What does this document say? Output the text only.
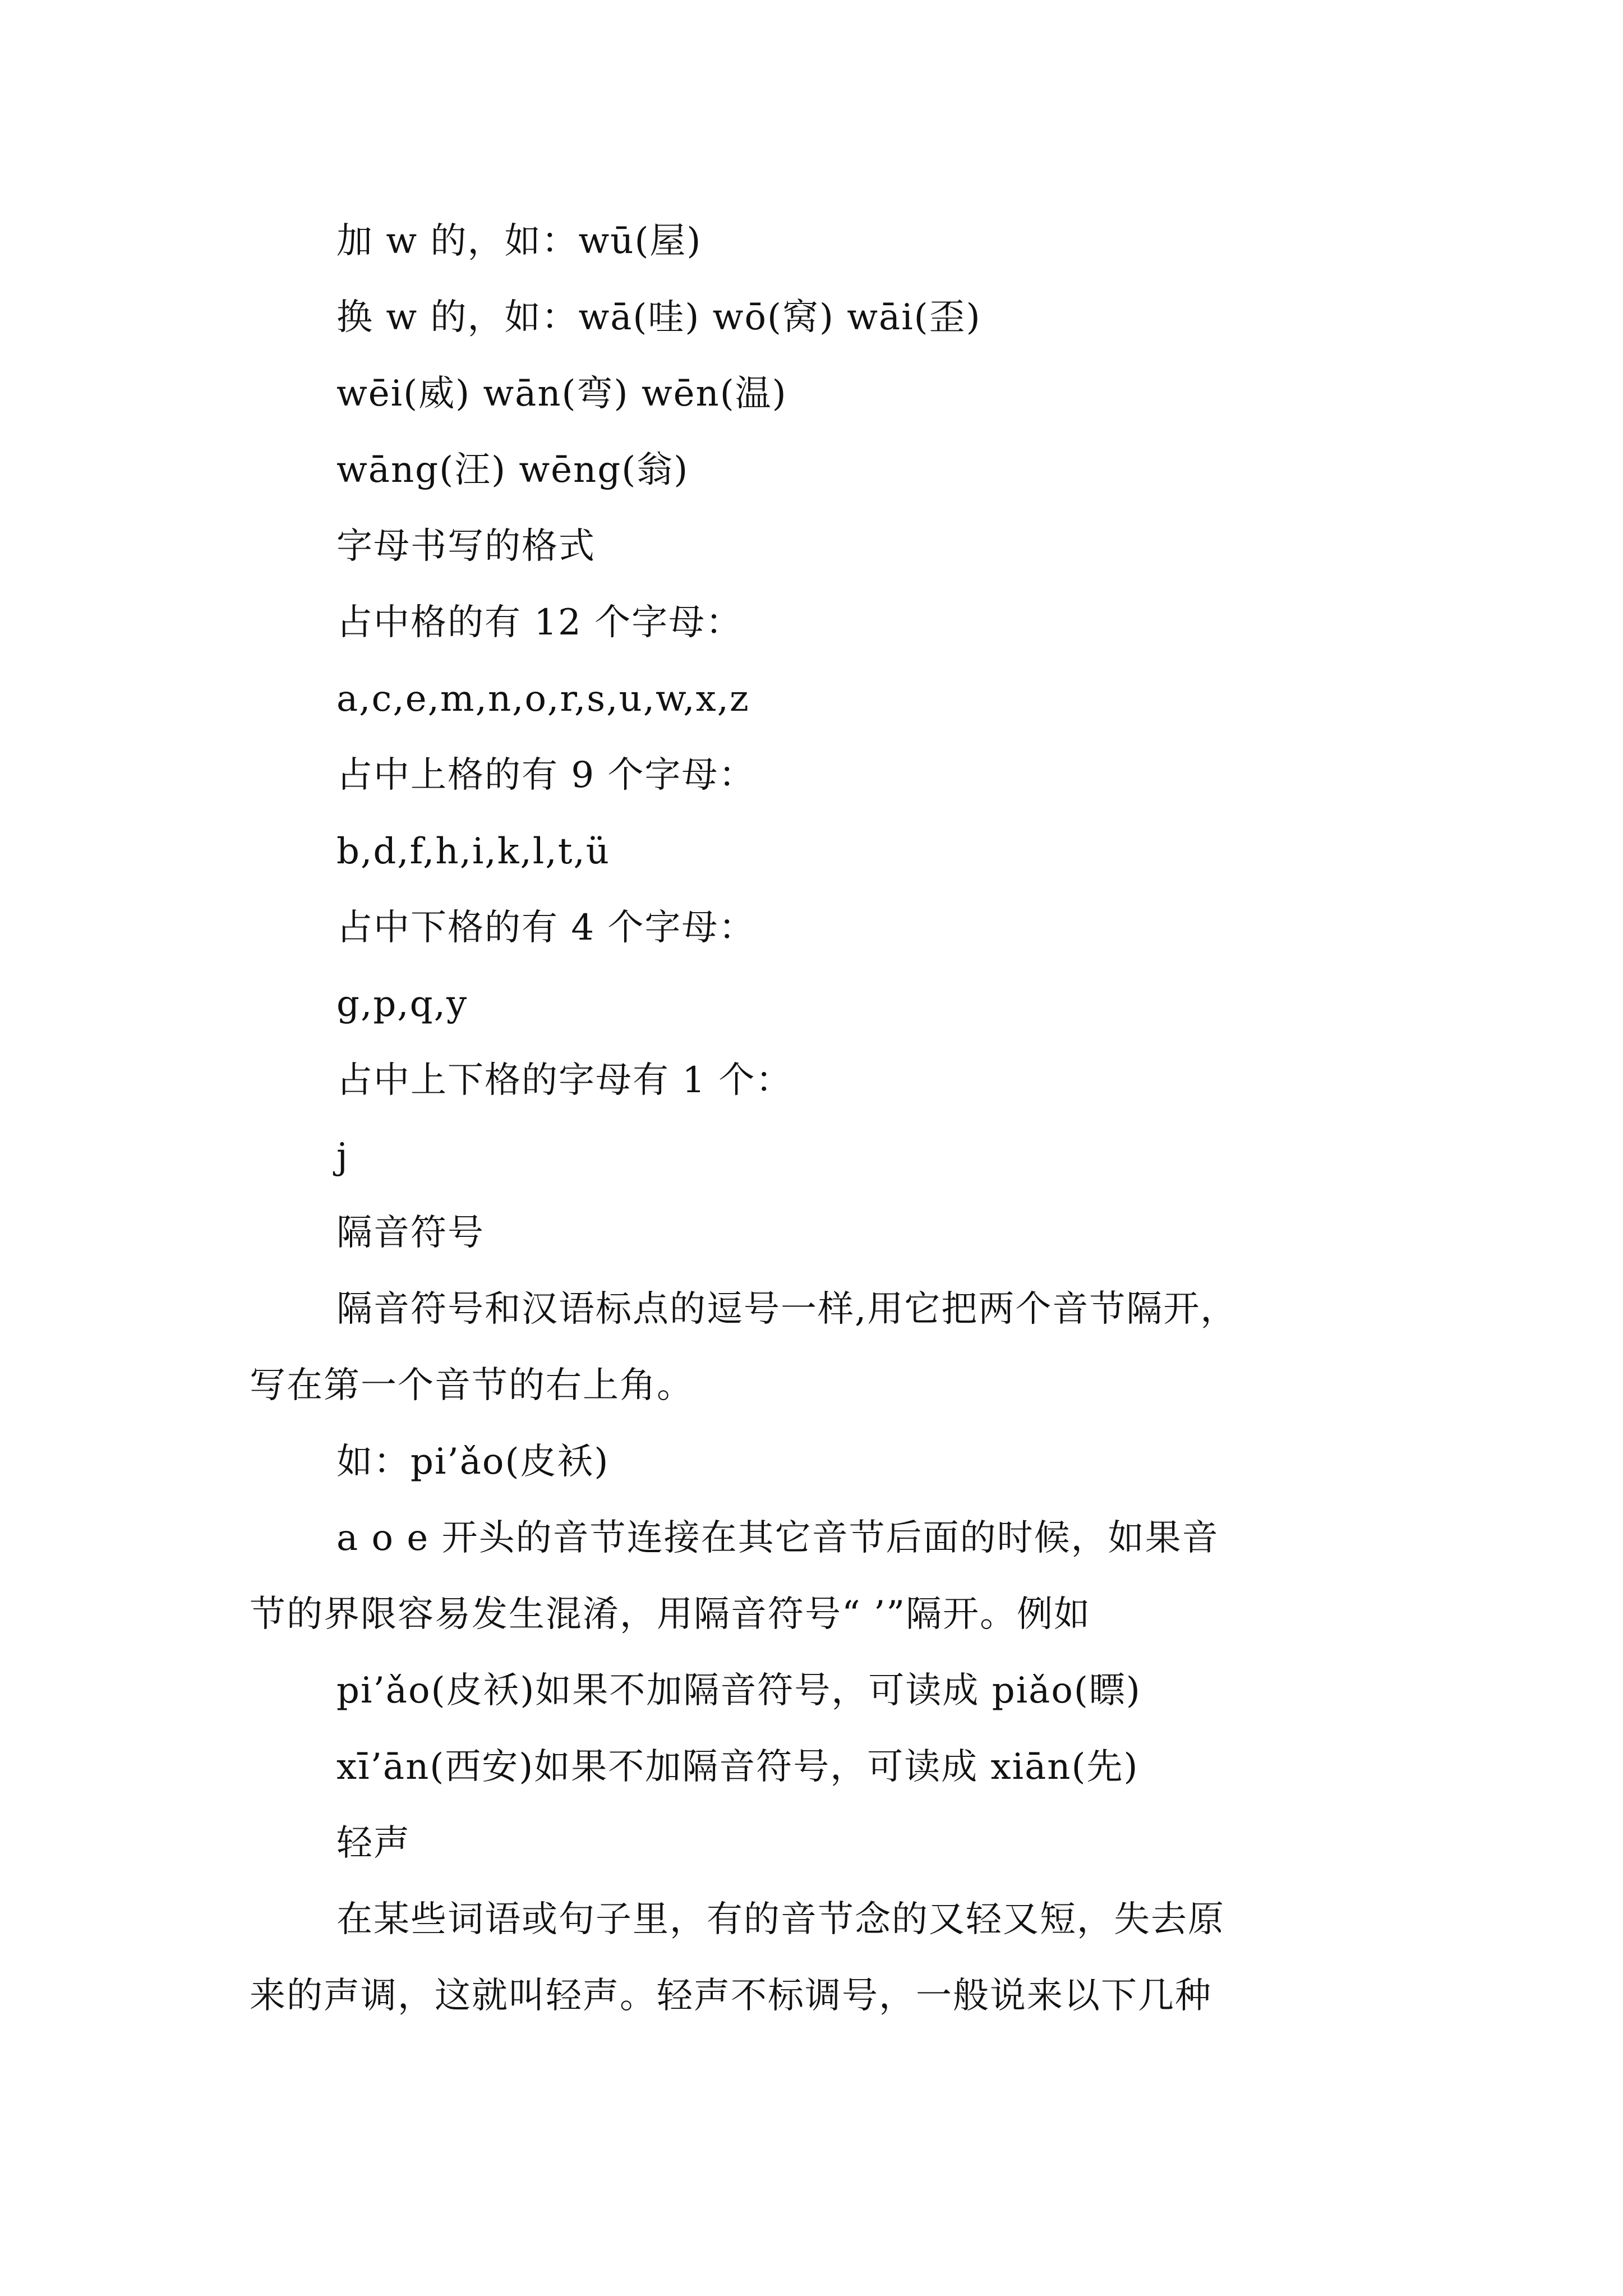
加 w 的，如：wū(屋)
换 w 的，如：wā(哇) wō(窝) wāi(歪)
wēi(威) wān(弯) wēn(温)
wāng(汪) wēng(翁)
字母书写的格式
占中格的有 12 个字母：
a,c,e,m,n,o,r,s,u,w,x,z
占中上格的有 9 个字母：
b,d,f,h,i,k,l,t,ü
占中下格的有 4 个字母：
g,p,q,y
占中上下格的字母有 1 个：
j
隔音符号
隔音符号和汉语标点的逗号一样,用它把两个音节隔开，
写在第一个音节的右上角。
如：pi’ǎo(皮袄)
a o e 开头的音节连接在其它音节后面的时候，如果音
节的界限容易发生混淆，用隔音符号“ ’”隔开。例如
pi’ǎo(皮袄)如果不加隔音符号，可读成 piǎo(瞟)
xī’ān(西安)如果不加隔音符号，可读成 xiān(先)
轻声
在某些词语或句子里，有的音节念的又轻又短，失去原
来的声调，这就叫轻声。轻声不标调号，一般说来以下几种
